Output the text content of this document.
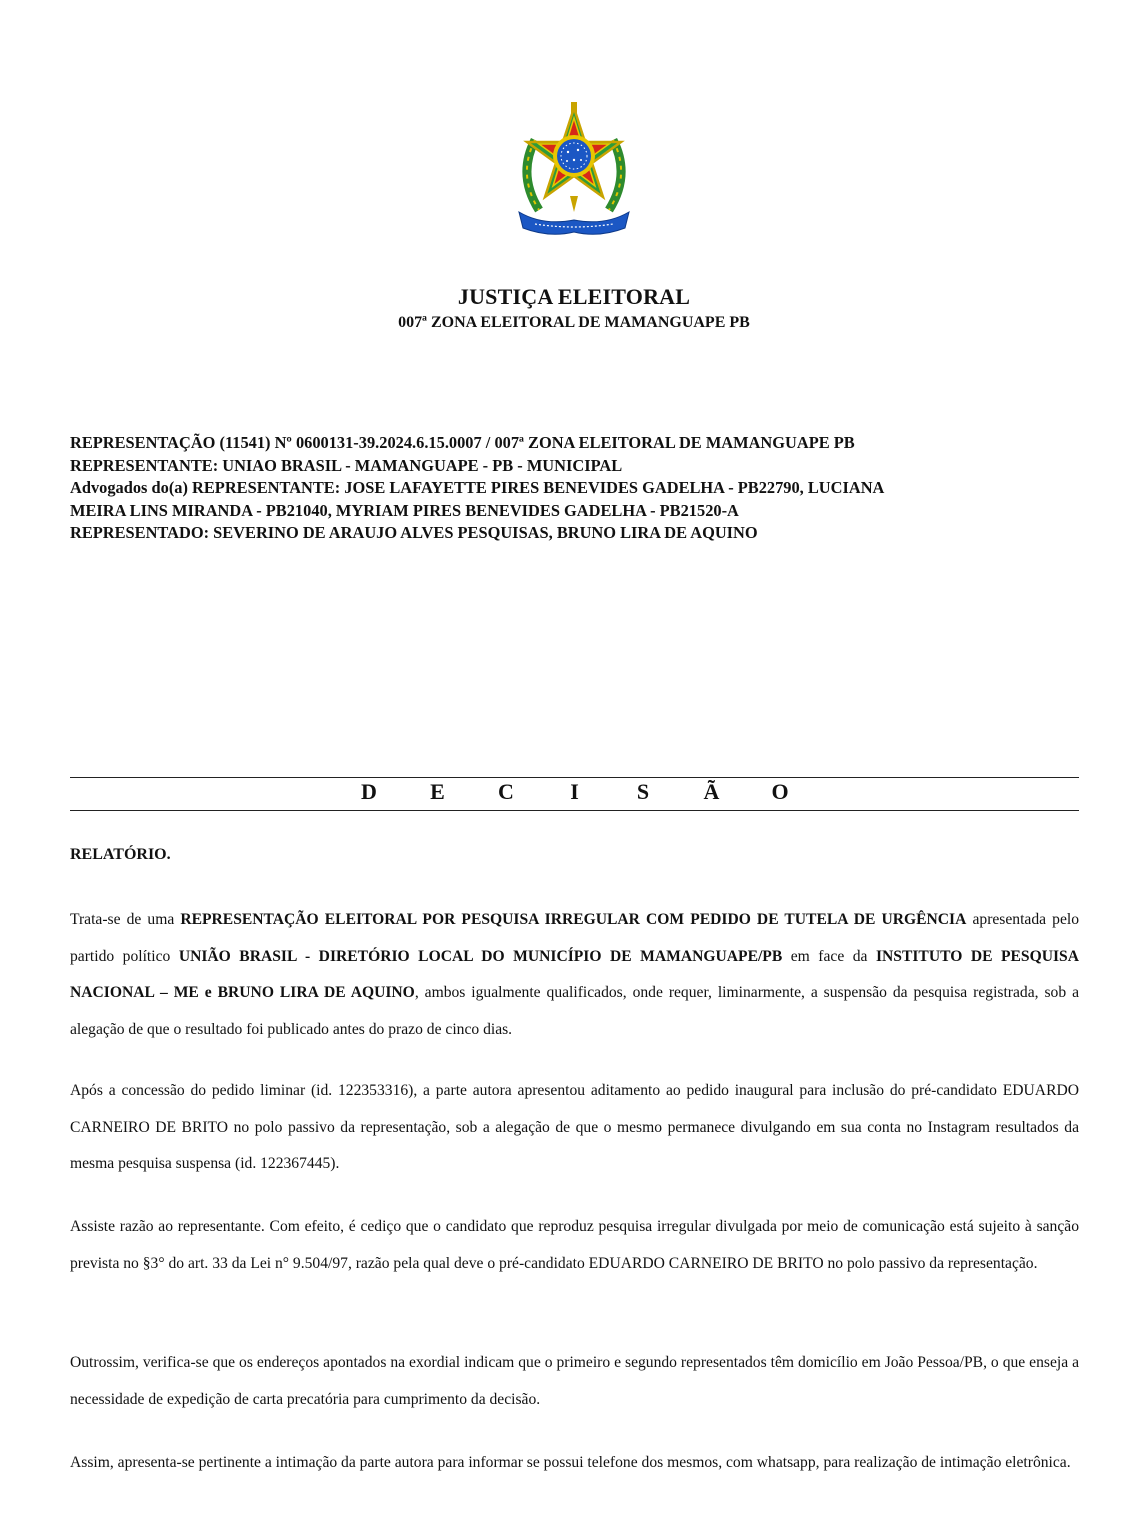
JUSTIÇA ELEITORAL
007ª ZONA ELEITORAL DE MAMANGUAPE PB
REPRESENTAÇÃO (11541) Nº 0600131-39.2024.6.15.0007 / 007ª ZONA ELEITORAL DE MAMANGUAPE PB
REPRESENTANTE: UNIAO BRASIL - MAMANGUAPE - PB - MUNICIPAL
Advogados do(a) REPRESENTANTE: JOSE LAFAYETTE PIRES BENEVIDES GADELHA - PB22790, LUCIANA
MEIRA LINS MIRANDA - PB21040, MYRIAM PIRES BENEVIDES GADELHA - PB21520-A
REPRESENTADO: SEVERINO DE ARAUJO ALVES PESQUISAS, BRUNO LIRA DE AQUINO
D E C	I	S Ã O
RELATÓRIO.
Trata-se de uma REPRESENTAÇÃO ELEITORAL POR PESQUISA IRREGULAR COM PEDIDO DE TUTELA DE URGÊNCIA apresentada pelo partido político UNIÃO BRASIL - DIRETÓRIO LOCAL DO MUNICÍPIO DE MAMANGUAPE/PB em face da INSTITUTO DE PESQUISA NACIONAL – ME e BRUNO LIRA DE AQUINO, ambos igualmente qualificados, onde requer, liminarmente, a suspensão da pesquisa registrada, sob a alegação de que o resultado foi publicado antes do prazo de cinco dias.
Após a concessão do pedido liminar (id. 122353316), a parte autora apresentou aditamento ao pedido inaugural para inclusão do pré-candidato EDUARDO CARNEIRO DE BRITO no polo passivo da representação, sob a alegação de que o mesmo permanece divulgando em sua conta no Instagram resultados da mesma pesquisa suspensa (id. 122367445).
Assiste razão ao representante. Com efeito, é cediço que o candidato que reproduz pesquisa irregular divulgada por meio de comunicação está sujeito à sanção prevista no §3° do art. 33 da Lei n° 9.504/97, razão pela qual deve o pré-candidato EDUARDO CARNEIRO DE BRITO no polo passivo da representação.
Outrossim, verifica-se que os endereços apontados na exordial indicam que o primeiro e segundo representados têm domicílio em João Pessoa/PB, o que enseja a necessidade de expedição de carta precatória para cumprimento da decisão.
Assim, apresenta-se pertinente a intimação da parte autora para informar se possui telefone dos mesmos, com whatsapp, para realização de intimação eletrônica.
